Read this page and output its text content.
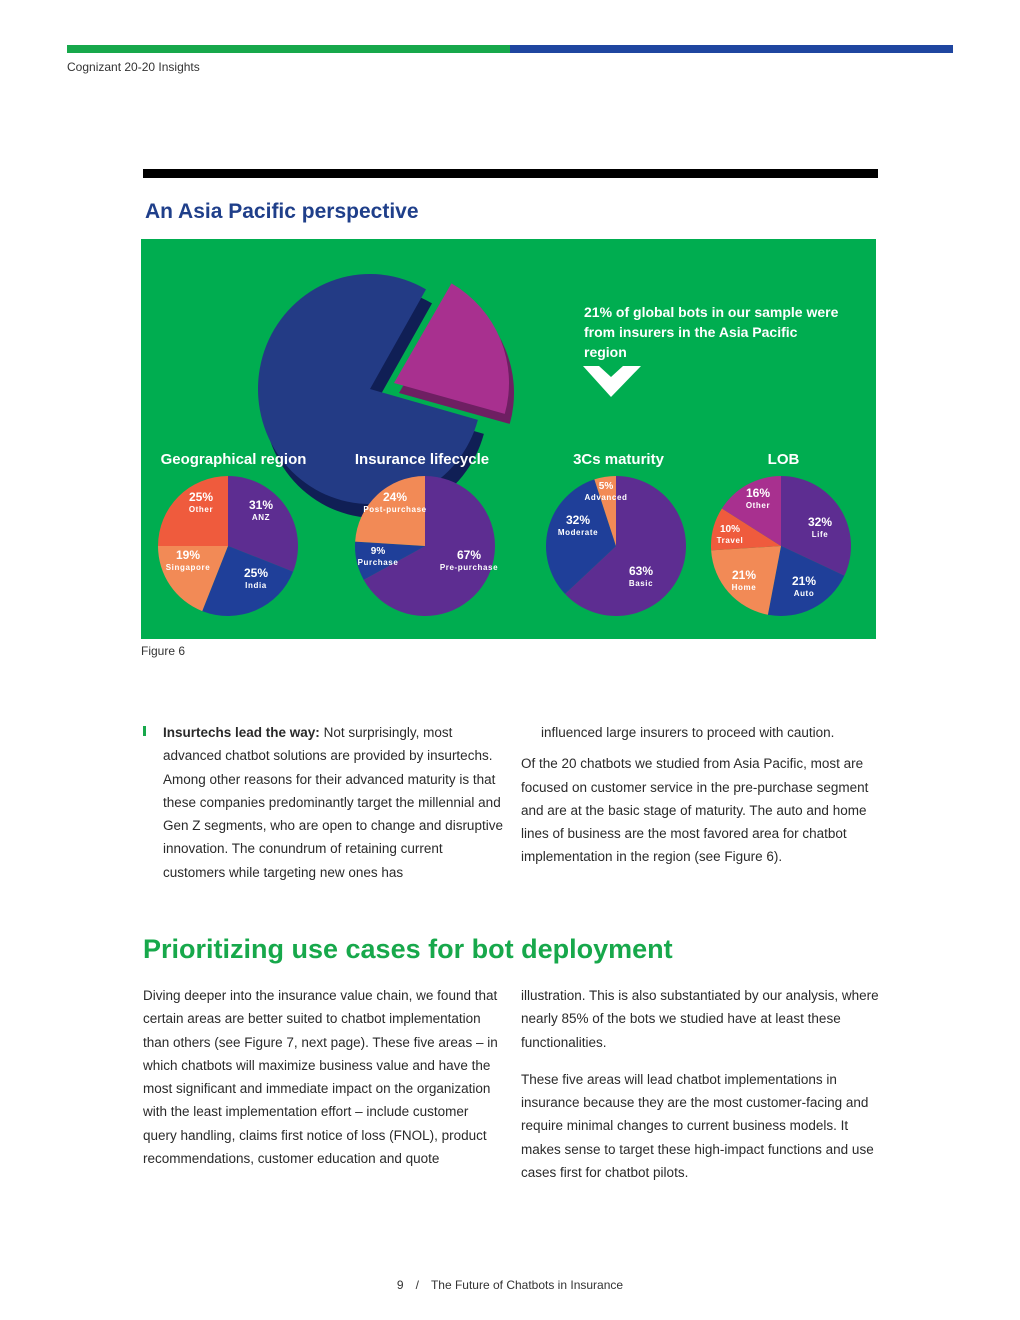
Cognizant 20-20 Insights
An Asia Pacific perspective
31%
ANZ
25%
India
19%
Singapore
25%
Other
67%
Pre-purchase
9%
Purchase
24%
Post-purchase
63%
Basic
32%
Moderate
5%
Advanced
32%
Life
21%
Auto
21%
Home
10%
Travel
16%
Other
21% of global bots in our sample were from insurers in the Asia Pacific region
Geographical region	Insurance lifecycle	3Cs maturity	LOB
Figure 6
Insurtechs lead the way: Not surprisingly, most advanced chatbot solutions are provided by insurtechs. Among other reasons for their advanced maturity is that these companies predominantly target the millennial and Gen Z segments, who are open to change and disruptive innovation. The conundrum of retaining current customers while targeting new ones has

influenced large insurers to proceed with caution.

Of the 20 chatbots we studied from Asia Pacific, most are focused on customer service in the pre-purchase segment and are at the basic stage of maturity. The auto and home lines of business are the most favored area for chatbot implementation in the region (see Figure 6).

Prioritizing use cases for bot deployment

Diving deeper into the insurance value chain, we found that certain areas are better suited to chatbot implementation than others (see Figure 7, next page). These five areas – in which chatbots will maximize business value and have the most significant and immediate impact on the organization with the least implementation effort – include customer query handling, claims first notice of loss (FNOL), product recommendations, customer education and quote

illustration. This is also substantiated by our analysis, where nearly 85% of the bots we studied have at least these functionalities.

These five areas will lead chatbot implementations in insurance because they are the most customer-facing and require minimal changes to current business models. It makes sense to target these high-impact functions and use cases first for chatbot pilots.

9 / The Future of Chatbots in Insurance
